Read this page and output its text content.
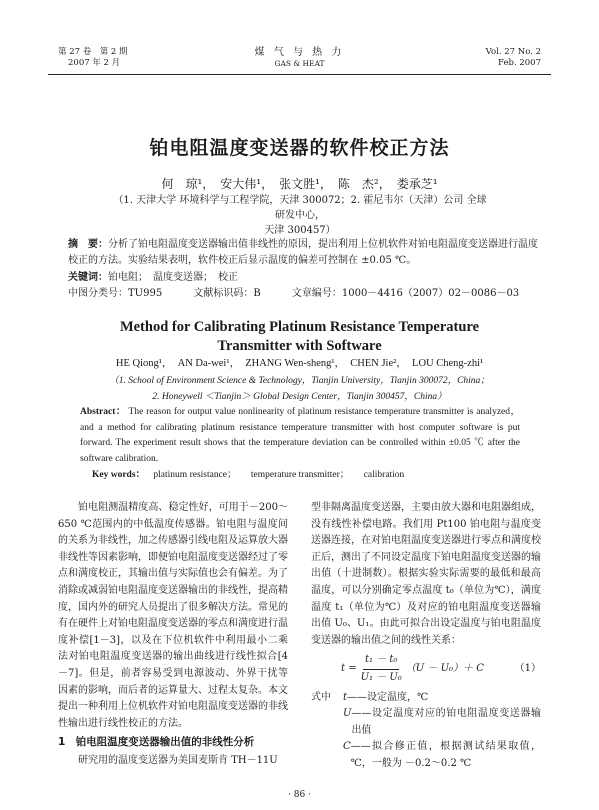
第 27 卷　第 2 期
2007 年 2 月
煤 气 与 热 力
GAS & HEAT
Vol. 27 No. 2
Feb. 2007
铂电阻温度变送器的软件校正方法
何　琼¹，　安大伟¹，　张文胜¹，　陈　杰²，　娄承芝¹
（1. 天津大学 环境科学与工程学院，天津 300072；2. 霍尼韦尔（天津）公司 全球研发中心，
天津 300457）
摘　要：分析了铂电阻温度变送器输出值非线性的原因，提出利用上位机软件对铂电阻温度变送器进行温度校正的方法。实验结果表明，软件校正后显示温度的偏差可控制在 ±0.05 ℃。
关键词：铂电阻；　温度变送器；　校正
中图分类号：TU995	文献标识码：B	文章编号：1000－4416（2007）02－0086－03
Method for Calibrating Platinum Resistance Temperature
Transmitter with Software
HE Qiong¹，　AN Da-wei¹，　ZHANG Wen-sheng¹，　CHEN Jie²，　LOU Cheng-zhi¹
（1. School of Environment Science & Technology，Tianjin University，Tianjin 300072，China；
2. Honeywell ＜Tianjin＞ Global Design Center，Tianjin 300457，China）
Abstract： The reason for output value nonlinearity of platinum resistance temperature transmitter is analyzed，and a method for calibrating platinum resistance temperature transmitter with host computer software is put forward. The experiment result shows that the temperature deviation can be controlled within ±0.05 ℃ after the software calibration.
Key words： platinum resistance； temperature transmitter； calibration
铂电阻测温精度高、稳定性好，可用于－200～650 ℃范围内的中低温度传感器。铂电阻与温度间的关系为非线性，加之传感器引线电阻及运算放大器非线性等因素影响，即便铂电阻温度变送器经过了零点和满度校正，其输出值与实际值也会有偏差。为了消除或减弱铂电阻温度变送器输出的非线性，提高精度，国内外的研究人员提出了很多解决方法。常见的有在硬件上对铂电阻温度变送器的零点和满度进行温度补偿[1－3]，以及在下位机软件中利用最小二乘法对铂电阻温度变送器的输出曲线进行线性拟合[4－7]。但是，前者容易受到电源波动、外界干扰等因素的影响，而后者的运算量大、过程太复杂。本文提出一种利用上位机软件对铂电阻温度变送器的非线性输出进行线性校正的方法。
1　铂电阻温度变送器输出值的非线性分析
研究用的温度变送器为美国麦斯肯 TH－11U
型非隔离温度变送器，主要由放大器和电阻器组成，没有线性补偿电路。我们用 Pt100 铂电阻与温度变送器连接，在对铂电阻温度变送器进行零点和满度校正后，测出了不同设定温度下铂电阻温度变送器的输出值（十进制数）。根据实验实际需要的最低和最高温度，可以分别确定零点温度 t₀（单位为℃），满度温度 t₁（单位为℃）及对应的铂电阻温度变送器输出值 U₀、U₁。由此可拟合出设定温度与铂电阻温度变送器的输出值之间的线性关系：
$t = \frac{\text{t₁ － t₀}}{\text{U₁ － U₀}} (U - U_0)+ C$	（1）
式中	t ——设定温度，℃
U ——设定温度对应的铂电阻温度变送器输出值
C ——拟合修正值，根据测试结果取值，℃，一般为 －0.2～0.2 ℃
· 86 ·
